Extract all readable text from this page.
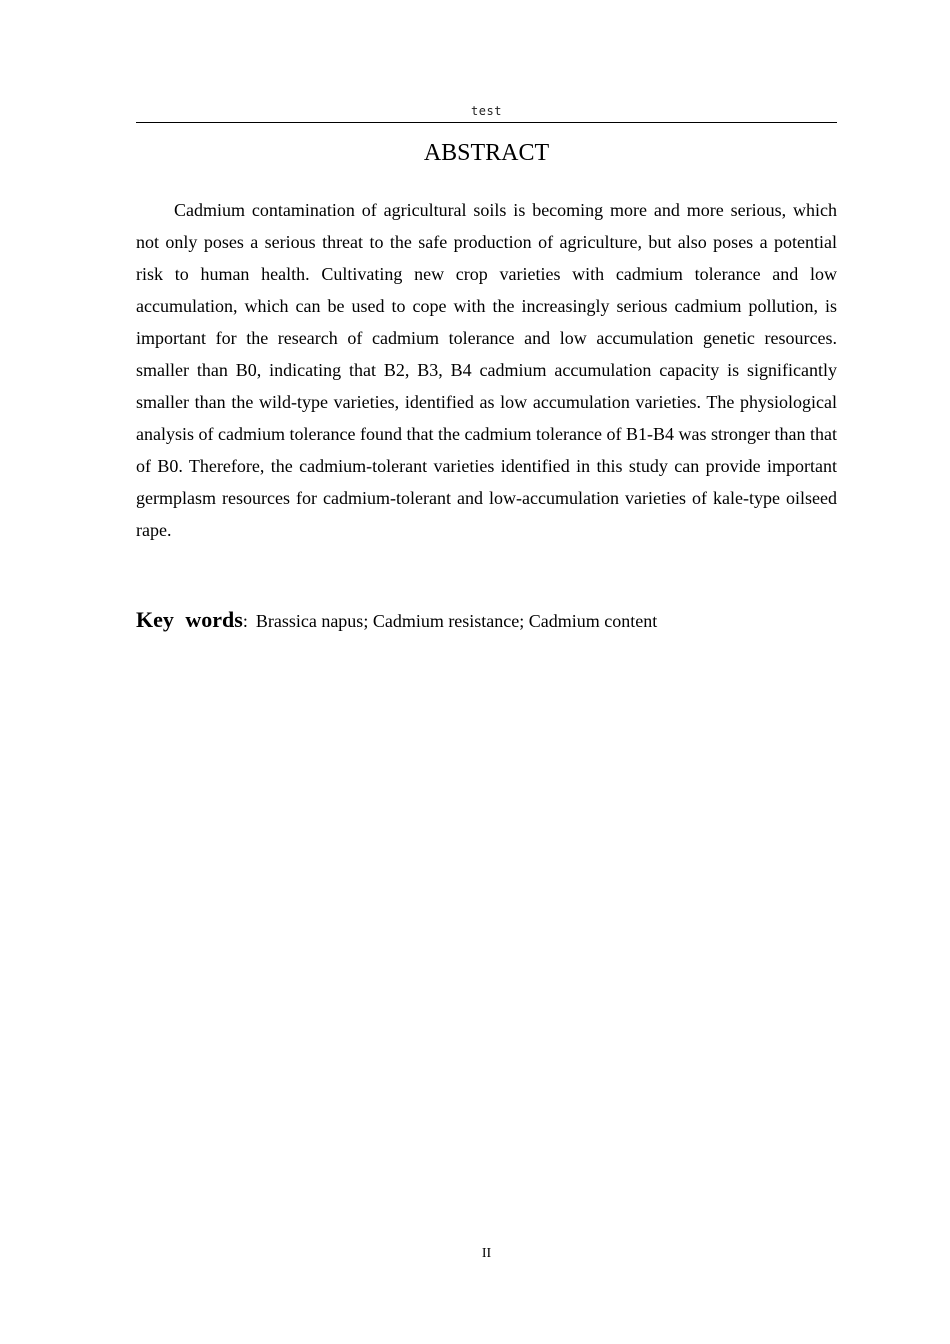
test
ABSTRACT

Cadmium contamination of agricultural soils is becoming more and more serious, which not only poses a serious threat to the safe production of agriculture, but also poses a potential risk to human health. Cultivating new crop varieties with cadmium tolerance and low accumulation, which can be used to cope with the increasingly serious cadmium pollution, is important for the research of cadmium tolerance and low accumulation genetic resources. smaller than B0, indicating that B2, B3, B4 cadmium accumulation capacity is significantly smaller than the wild-type varieties, identified as low accumulation varieties. The physiological analysis of cadmium tolerance found that the cadmium tolerance of B1-B4 was stronger than that of B0. Therefore, the cadmium-tolerant varieties identified in this study can provide important germplasm resources for cadmium-tolerant and low-accumulation varieties of kale-type oilseed rape.

Key words: Brassica napus; Cadmium resistance; Cadmium content
II
